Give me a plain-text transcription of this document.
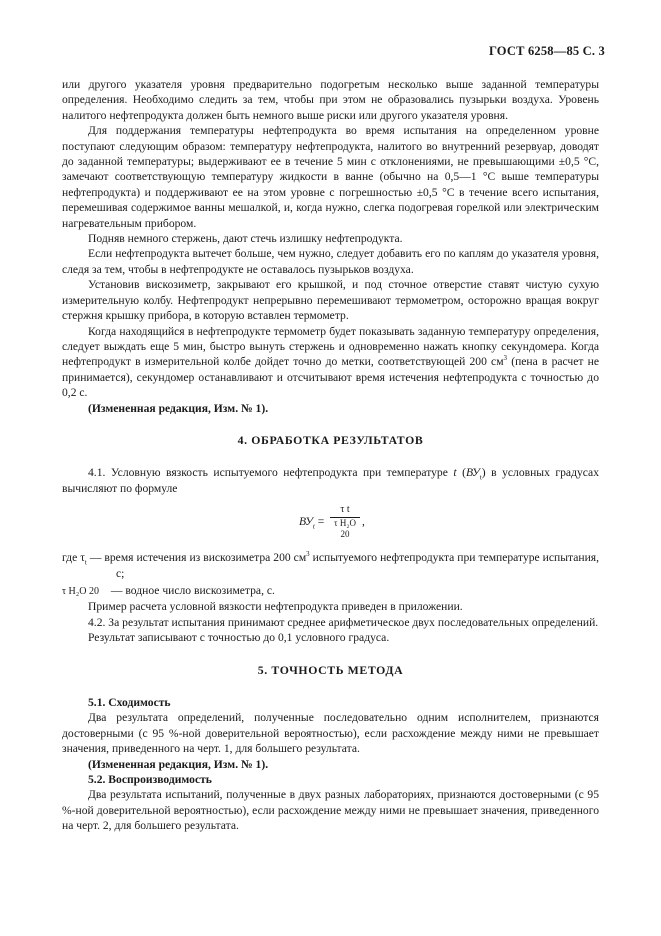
ГОСТ 6258—85 С. 3

или другого указателя уровня предварительно подогретым несколько выше заданной температуры определения. Необходимо следить за тем, чтобы при этом не образовались пузырьки воздуха. Уровень налитого нефтепродукта должен быть немного выше риски или другого указателя уровня.

Для поддержания температуры нефтепродукта во время испытания на определенном уровне поступают следующим образом: температуру нефтепродукта, налитого во внутренний резервуар, доводят до заданной температуры; выдерживают ее в течение 5 мин с отклонениями, не превышающими ±0,5 °С, замечают соответствующую температуру жидкости в ванне (обычно на 0,5—1 °С выше температуры нефтепродукта) и поддерживают ее на этом уровне с погрешностью ±0,5 °С в течение всего испытания, перемешивая содержимое ванны мешалкой, и, когда нужно, слегка подогревая горелкой или электрическим нагревательным прибором.

Подняв немного стержень, дают стечь излишку нефтепродукта.

Если нефтепродукта вытечет больше, чем нужно, следует добавить его по каплям до указателя уровня, следя за тем, чтобы в нефтепродукте не оставалось пузырьков воздуха.

Установив вискозиметр, закрывают его крышкой, и под сточное отверстие ставят чистую сухую измерительную колбу. Нефтепродукт непрерывно перемешивают термометром, осторожно вращая вокруг стержня крышку прибора, в которую вставлен термометр.

Когда находящийся в нефтепродукте термометр будет показывать заданную температуру определения, следует выждать еще 5 мин, быстро вынуть стержень и одновременно нажать кнопку секундомера. Когда нефтепродукт в измерительной колбе дойдет точно до метки, соответствующей 200 $см^3$ (пена в расчет не принимается), секундомер останавливают и отсчитывают время истечения нефтепродукта с точностью до 0,2 с.

(Измененная редакция, Изм. № 1).

4. ОБРАБОТКА РЕЗУЛЬТАТОВ

4.1. Условную вязкость испытуемого нефтепродукта при температуре t $(ВУ_t)$ в условных градусах вычисляют по формуле

$ВУ_t = \frac{\text{τ t}}{\text{τ H₂O 20}}$ ,

где $\tau_t$ — время истечения из вискозиметра 200 $см^3$ испытуемого нефтепродукта при температуре испытания, с;

τ H₂O 20 — водное число вискозиметра, с.

Пример расчета условной вязкости нефтепродукта приведен в приложении.

4.2. За результат испытания принимают среднее арифметическое двух последовательных определений.

Результат записывают с точностью до 0,1 условного градуса.

5. ТОЧНОСТЬ МЕТОДА

5.1. Сходимость

Два результата определений, полученные последовательно одним исполнителем, признаются достоверными (с 95 %-ной доверительной вероятностью), если расхождение между ними не превышает значения, приведенного на черт. 1, для большего результата.

(Измененная редакция, Изм. № 1).

5.2. Воспроизводимость

Два результата испытаний, полученные в двух разных лабораториях, признаются достоверными (с 95 %-ной доверительной вероятностью), если расхождение между ними не превышает значения, приведенного на черт. 2, для большего результата.
